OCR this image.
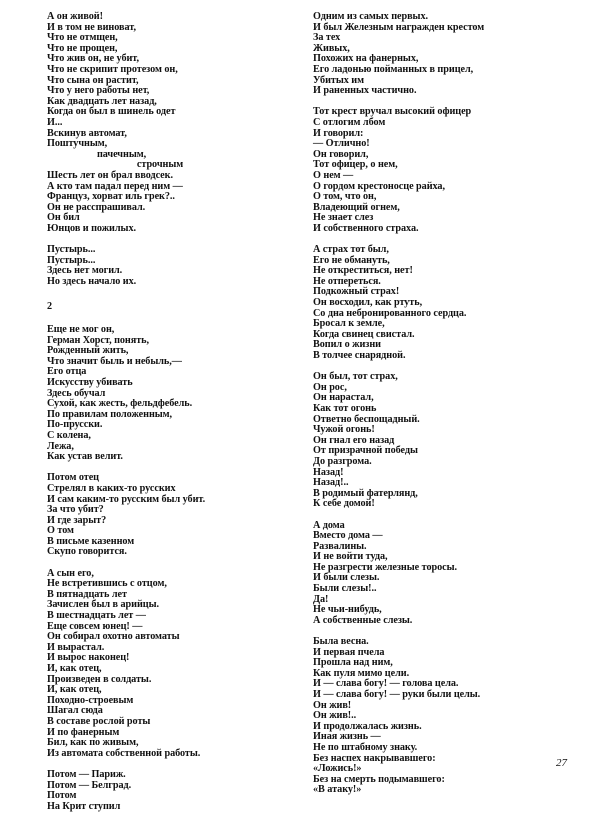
А он живой!
И в том не виноват,
Что не отмщен,
Что не прощен,
Что жив он, не убит,
Что не скрипит протезом он,
Что сына он растит,
Что у него работы нет,
Как двадцать лет назад,
Когда он был в шинель одет
И...
Вскинув автомат,
Поштучным,
пачечным,
строчным
Шесть лет он брал вводсек.
А кто там падал перед ним —
Француз, хорват иль грек?..
Он не расспрашивал.
Он бил
Юнцов и пожилых.
Пустырь...
Пустырь...
Здесь нет могил.
Но здесь начало их.
2
Еще не мог он,
Герман Хорст, понять,
Рожденный жить,
Что значит быль и небыль,—
Его отца
Искусству убивать
Здесь обучал
Сухой, как жесть, фельдфебель.
По правилам положенным,
По-прусски.
С колена,
Лежа,
Как устав велит.
Потом отец
Стрелял в каких-то русских
И сам каким-то русским был убит.
За что убит?
И где зарыт?
О том
В письме казенном
Скупо говорится.
А сын его,
Не встретившись с отцом,
В пятнадцать лет
Зачислен был в арийцы.
В шестнадцать лет —
Еще совсем юнец! —
Он собирал охотно автоматы
И вырастал.
И вырос наконец!
И, как отец,
Произведен в солдаты.
И, как отец,
Походно-строевым
Шагал сюда
В составе рослой роты
И по фанерным
Бил, как по живым,
Из автомата собственной работы.
Потом — Париж.
Потом — Белград.
Потом
На Крит ступил
Одним из самых первых.
И был Железным награжден крестом
За тех
Живых,
Похожих на фанерных,
Его ладонью пойманных в прицел,
Убитых им
И раненных частично.
Тот крест вручал высокий офицер
С отлогим лбом
И говорил:
— Отлично!
Он говорил,
Тот офицер, о нем,
О нем —
О гордом крестоносце райха,
О том, что он,
Владеющий огнем,
Не знает слез
И собственного страха.
А страх тот был,
Его не обмануть,
Не откреститься, нет!
Не отпереться.
Подкожный страх!
Он восходил, как ртуть,
Со дна небронированного сердца.
Бросал к земле,
Когда свинец свистал.
Вопил о жизни
В толчее снарядной.
Он был, тот страх,
Он рос,
Он нарастал,
Как тот огонь
Ответно беспощадный.
Чужой огонь!
Он гнал его назад
От призрачной победы
До разгрома.
Назад!
Назад!..
В родимый фатерлянд,
К себе домой!
А дома
Вместо дома —
Развалины.
И не войти туда,
Не разгрести железные торосы.
И были слезы.
Были слезы!..
Да!
Не чьи-нибудь,
А собственные слезы.
Была весна.
И первая пчела
Прошла над ним,
Как пуля мимо цели.
И — слава богу! — голова цела.
И — слава богу! — руки были целы.
Он жив!
Он жив!..
И продолжалась жизнь.
Иная жизнь —
Не по штабному знаку.
Без наспех накрывавшего:
«Ложись!»
Без на смерть подымавшего:
«В атаку!»
27
